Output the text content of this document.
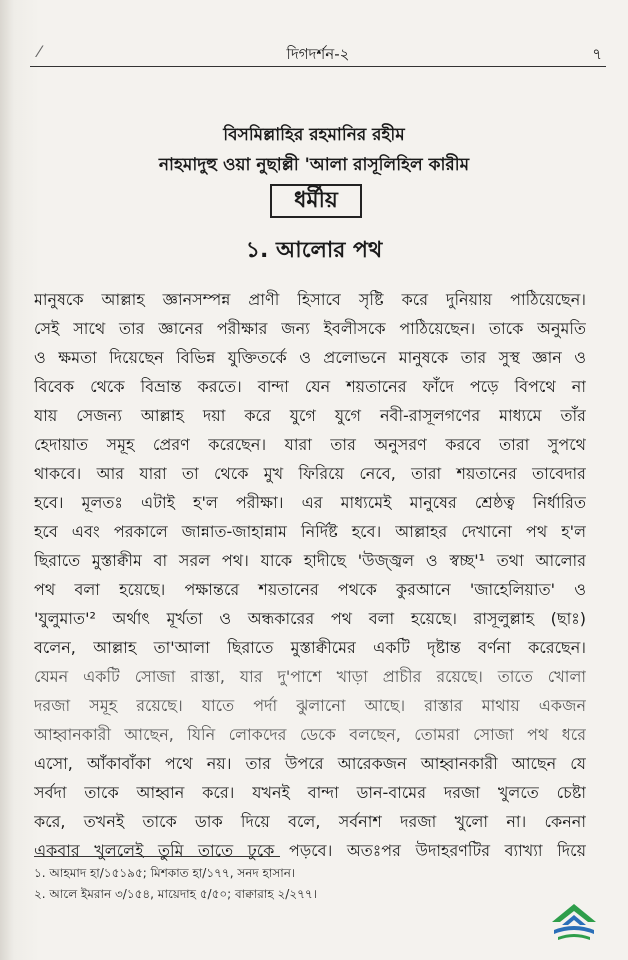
⁄	দিগদর্শন-২	৭
বিসমিল্লাহির রহমানির রহীম
নাহমাদুহু ওয়া নুছাল্লী 'আলা রাসূলিহিল কারীম
ধর্মীয়
১. আলোর পথ
মানুষকে আল্লাহ জ্ঞানসম্পন্ন প্রাণী হিসাবে সৃষ্টি করে দুনিয়ায় পাঠিয়েছেন।
সেই সাথে তার জ্ঞানের পরীক্ষার জন্য ইবলীসকে পাঠিয়েছেন। তাকে অনুমতি
ও ক্ষমতা দিয়েছেন বিভিন্ন যুক্তিতর্কে ও প্রলোভনে মানুষকে তার সুস্থ জ্ঞান ও
বিবেক থেকে বিভ্রান্ত করতে। বান্দা যেন শয়তানের ফাঁদে পড়ে বিপথে না
যায় সেজন্য আল্লাহ দয়া করে যুগে যুগে নবী-রাসূলগণের মাধ্যমে তাঁর
হেদায়াত সমূহ প্রেরণ করেছেন। যারা তার অনুসরণ করবে তারা সুপথে
থাকবে। আর যারা তা থেকে মুখ ফিরিয়ে নেবে, তারা শয়তানের তাবেদার
হবে। মূলতঃ এটাই হ'ল পরীক্ষা। এর মাধ্যমেই মানুষের শ্রেষ্ঠত্ব নির্ধারিত
হবে এবং পরকালে জান্নাত-জাহান্নাম নির্দিষ্ট হবে। আল্লাহর দেখানো পথ হ'ল
ছিরাতে মুস্তাক্বীম বা সরল পথ। যাকে হাদীছে 'উজ্জ্বল ও স্বচ্ছ'¹ তথা আলোর
পথ বলা হয়েছে। পক্ষান্তরে শয়তানের পথকে কুরআনে 'জাহেলিয়াত' ও
'যুলুমাত'² অর্থাৎ মূর্খতা ও অন্ধকারের পথ বলা হয়েছে। রাসূলুল্লাহ (ছাঃ)
বলেন, আল্লাহ তা'আলা ছিরাতে মুস্তাক্বীমের একটি দৃষ্টান্ত বর্ণনা করেছেন।
যেমন একটি সোজা রাস্তা, যার দু'পাশে খাড়া প্রাচীর রয়েছে। তাতে খোলা
দরজা সমূহ রয়েছে। যাতে পর্দা ঝুলানো আছে। রাস্তার মাথায় একজন
আহ্বানকারী আছেন, যিনি লোকদের ডেকে বলছেন, তোমরা সোজা পথ ধরে
এসো, আঁকাবাঁকা পথে নয়। তার উপরে আরেকজন আহ্বানকারী আছেন যে
সর্বদা তাকে আহ্বান করে। যখনই বান্দা ডান-বামের দরজা খুলতে চেষ্টা
করে, তখনই তাকে ডাক দিয়ে বলে, সর্বনাশ দরজা খুলো না। কেননা
একবার খুললেই তুমি তাতে ঢুকে পড়বে। অতঃপর উদাহরণটির ব্যাখ্যা দিয়ে
১. আহমাদ হা/১৫১৯৫; মিশকাত হা/১৭৭, সনদ হাসান।
২. আলে ইমরান ৩/১৫৪, মায়েদাহ ৫/৫০; বাক্বারাহ ২/২৭৭।
